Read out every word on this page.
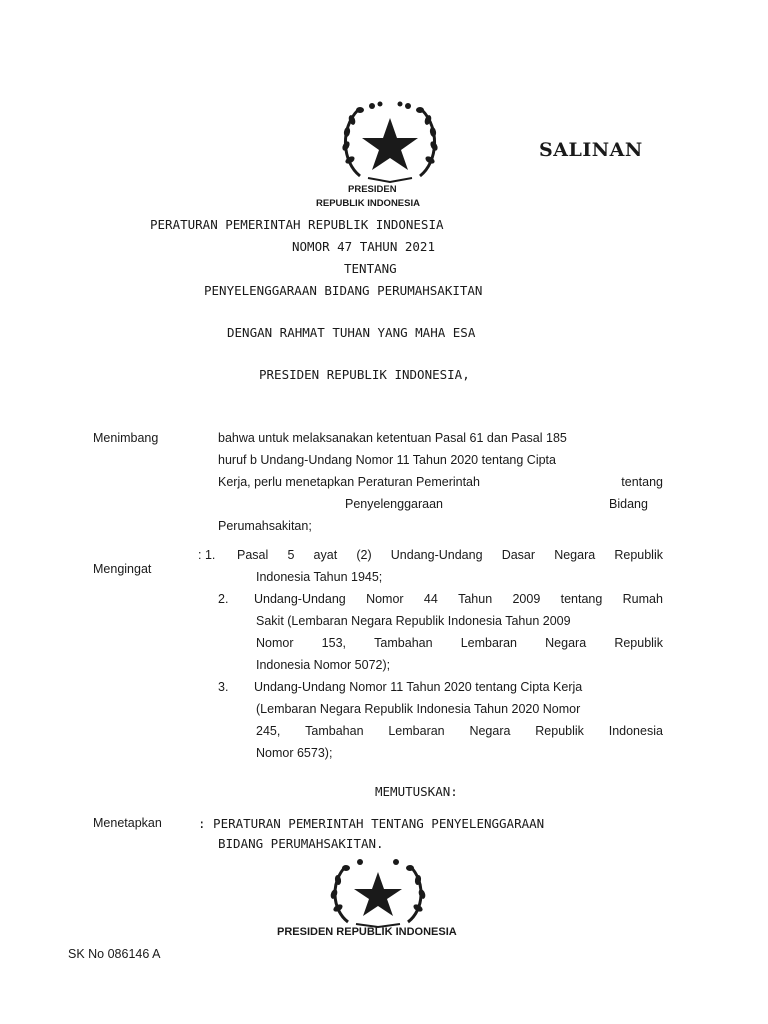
PRESIDEN
REPUBLIK INDONESIA
SALINAN
PERATURAN PEMERINTAH REPUBLIK INDONESIA
NOMOR 47 TAHUN 2021
TENTANG
PENYELENGGARAAN BIDANG PERUMAHSAKITAN
DENGAN RAHMAT TUHAN YANG MAHA ESA
PRESIDEN REPUBLIK INDONESIA,
Menimbang	bahwa untuk melaksanakan ketentuan Pasal 61 dan Pasal 185
huruf b Undang-Undang Nomor 11 Tahun 2020 tentang Cipta
Kerja, perlu menetapkan Peraturan Pemerintah	tentang
Penyelenggaraan	Bidang
Perumahsakitan;
Mengingat
: 1. Pasal 5 ayat (2) Undang-Undang Dasar Negara Republik
Indonesia Tahun 1945;
2. Undang-Undang Nomor 44 Tahun 2009 tentang Rumah
Sakit (Lembaran Negara Republik Indonesia Tahun 2009
Nomor 153, Tambahan Lembaran Negara Republik
Indonesia Nomor 5072);
3. Undang-Undang Nomor 11 Tahun 2020 tentang Cipta Kerja
(Lembaran Negara Republik Indonesia Tahun 2020 Nomor
245, Tambahan Lembaran Negara Republik Indonesia
Nomor 6573);
MEMUTUSKAN:
Menetapkan	: PERATURAN PEMERINTAH TENTANG PENYELENGGARAAN
BIDANG PERUMAHSAKITAN.
PRESIDEN REPUBLIK INDONESIA
SK No 086146 A
